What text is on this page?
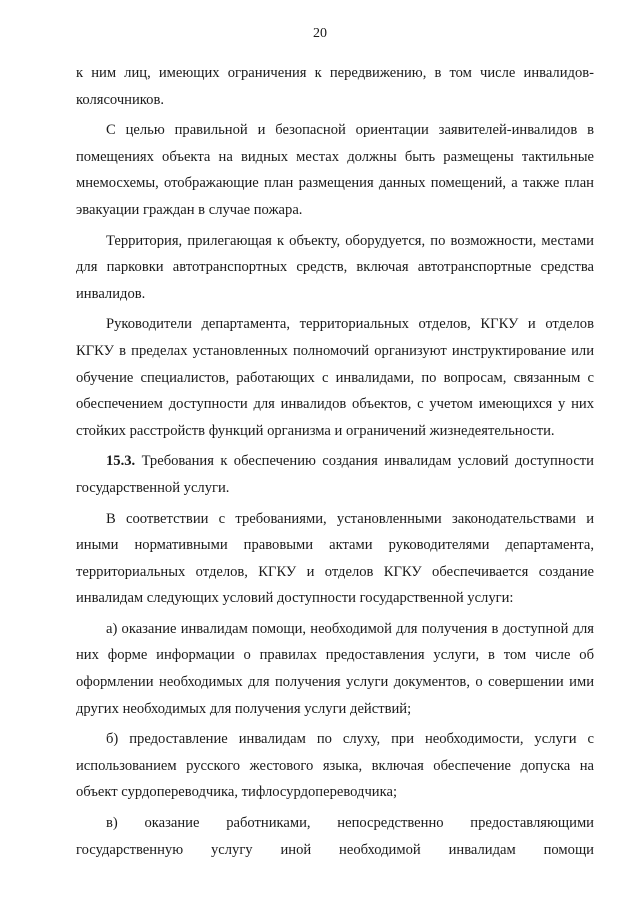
20

к ним лиц, имеющих ограничения к передвижению, в том числе инвалидов-колясочников.

С целью правильной и безопасной ориентации заявителей-инвалидов в помещениях объекта на видных местах должны быть размещены тактильные мнемосхемы, отображающие план размещения данных помещений, а также план эвакуации граждан в случае пожара.

Территория, прилегающая к объекту, оборудуется, по возможности, местами для парковки автотранспортных средств, включая автотранспортные средства инвалидов.

Руководители департамента, территориальных отделов, КГКУ и отделов КГКУ в пределах установленных полномочий организуют инструктирование или обучение специалистов, работающих с инвалидами, по вопросам, связанным с обеспечением доступности для инвалидов объектов, с учетом имеющихся у них стойких расстройств функций организма и ограничений жизнедеятельности.

15.3. Требования к обеспечению создания инвалидам условий доступности государственной услуги.

В соответствии с требованиями, установленными законодательствами и иными нормативными правовыми актами руководителями департамента, территориальных отделов, КГКУ и отделов КГКУ обеспечивается создание инвалидам следующих условий доступности государственной услуги:

а) оказание инвалидам помощи, необходимой для получения в доступной для них форме информации о правилах предоставления услуги, в том числе об оформлении необходимых для получения услуги документов, о совершении ими других необходимых для получения услуги действий;

б) предоставление инвалидам по слуху, при необходимости, услуги с использованием русского жестового языка, включая обеспечение допуска на объект сурдопереводчика, тифлосурдопереводчика;

в) оказание работниками, непосредственно предоставляющими государственную услугу иной необходимой инвалидам помощи
